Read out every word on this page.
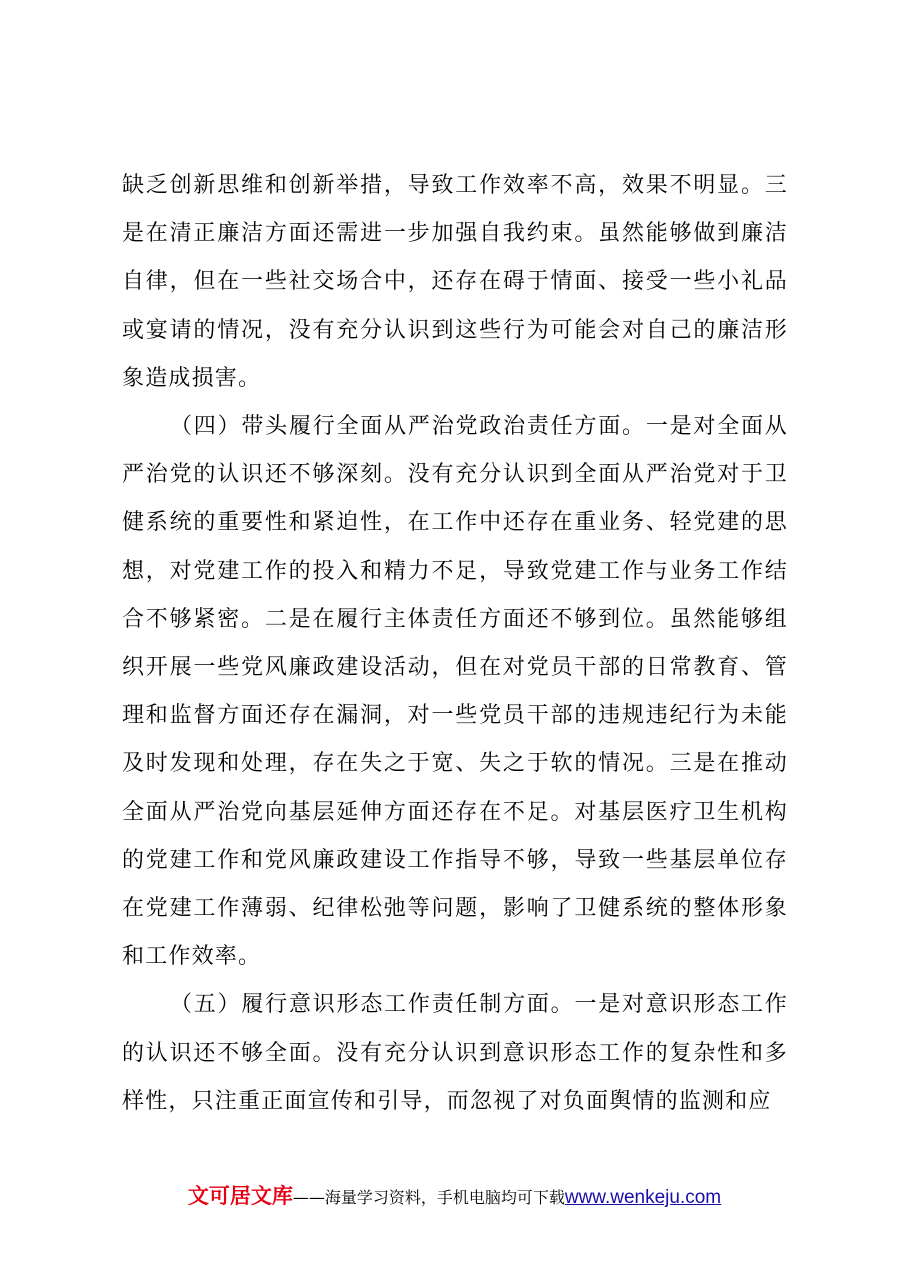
缺乏创新思维和创新举措，导致工作效率不高，效果不明显。三是在清正廉洁方面还需进一步加强自我约束。虽然能够做到廉洁自律，但在一些社交场合中，还存在碍于情面、接受一些小礼品或宴请的情况，没有充分认识到这些行为可能会对自己的廉洁形象造成损害。

（四）带头履行全面从严治党政治责任方面。一是对全面从严治党的认识还不够深刻。没有充分认识到全面从严治党对于卫健系统的重要性和紧迫性，在工作中还存在重业务、轻党建的思想，对党建工作的投入和精力不足，导致党建工作与业务工作结合不够紧密。二是在履行主体责任方面还不够到位。虽然能够组织开展一些党风廉政建设活动，但在对党员干部的日常教育、管理和监督方面还存在漏洞，对一些党员干部的违规违纪行为未能及时发现和处理，存在失之于宽、失之于软的情况。三是在推动全面从严治党向基层延伸方面还存在不足。对基层医疗卫生机构的党建工作和党风廉政建设工作指导不够，导致一些基层单位存在党建工作薄弱、纪律松弛等问题，影响了卫健系统的整体形象和工作效率。

（五）履行意识形态工作责任制方面。一是对意识形态工作的认识还不够全面。没有充分认识到意识形态工作的复杂性和多样性，只注重正面宣传和引导，而忽视了对负面舆情的监测和应

文可居文库——海量学习资料，手机电脑均可下载www.wenkeju.com
